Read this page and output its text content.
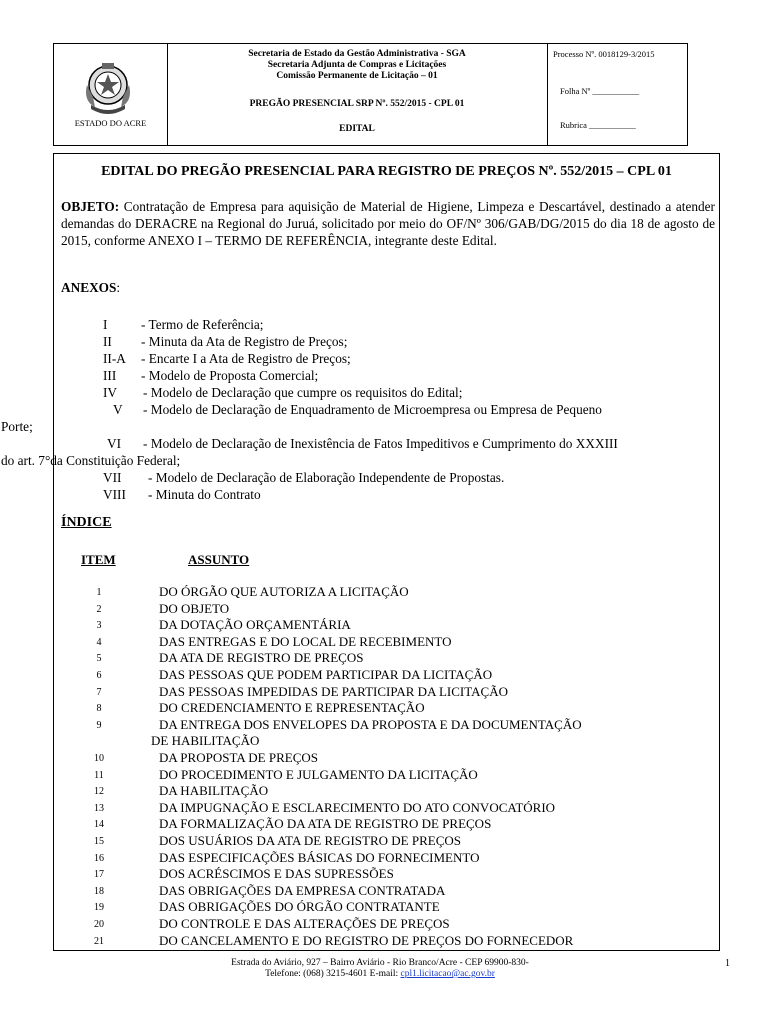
ESTADO DO ACRE
Secretaria de Estado da Gestão Administrativa - SGA
Secretaria Adjunta de Compras e Licitações
Comissão Permanente de Licitação – 01
PREGÃO PRESENCIAL SRP Nº. 552/2015 - CPL 01
EDITAL
Processo Nº. 0018129-3/2015
Folha Nº ___________
Rubrica ___________
EDITAL DO PREGÃO PRESENCIAL PARA REGISTRO DE PREÇOS Nº. 552/2015 – CPL 01
OBJETO: Contratação de Empresa para aquisição de Material de Higiene, Limpeza e Descartável, destinado a atender demandas do DERACRE na Regional do Juruá, solicitado por meio do OF/Nº 306/GAB/DG/2015 do dia 18 de agosto de 2015, conforme ANEXO I – TERMO DE REFERÊNCIA, integrante deste Edital.
ANEXOS:
I	- Termo de Referência;
II - Minuta da Ata de Registro de Preços;
II-A - Encarte I a Ata de Registro de Preços;
III - Modelo de Proposta Comercial;
IV - Modelo de Declaração que cumpre os requisitos do Edital;
V - Modelo de Declaração de Enquadramento de Microempresa ou Empresa de Pequeno
Porte;
VI - Modelo de Declaração de Inexistência de Fatos Impeditivos e Cumprimento do XXXIII
do art. 7°da Constituição Federal;
VII - Modelo de Declaração de Elaboração Independente de Propostas.
VIII - Minuta do Contrato
ÍNDICE
ITEM	ASSUNTO
1	DO ÓRGÃO QUE AUTORIZA A LICITAÇÃO
2	DO OBJETO
3	DA DOTAÇÃO ORÇAMENTÁRIA
4	DAS ENTREGAS E DO LOCAL DE RECEBIMENTO
5	DA ATA DE REGISTRO DE PREÇOS
6	DAS PESSOAS QUE PODEM PARTICIPAR DA LICITAÇÃO
7	DAS PESSOAS IMPEDIDAS DE PARTICIPAR DA LICITAÇÃO
8	DO CREDENCIAMENTO E REPRESENTAÇÃO
9	DA ENTREGA DOS ENVELOPES DA PROPOSTA E DA DOCUMENTAÇÃO
DE HABILITAÇÃO
10	DA PROPOSTA DE PREÇOS
11	DO PROCEDIMENTO E JULGAMENTO DA LICITAÇÃO
12	DA HABILITAÇÃO
13	DA IMPUGNAÇÃO E ESCLARECIMENTO DO ATO CONVOCATÓRIO
14	DA FORMALIZAÇÃO DA ATA DE REGISTRO DE PREÇOS
15	DOS USUÁRIOS DA ATA DE REGISTRO DE PREÇOS
16	DAS ESPECIFICAÇÕES BÁSICAS DO FORNECIMENTO
17	DOS ACRÉSCIMOS E DAS SUPRESSÕES
18	DAS OBRIGAÇÕES DA EMPRESA CONTRATADA
19	DAS OBRIGAÇÕES DO ÓRGÃO CONTRATANTE
20	DO CONTROLE E DAS ALTERAÇÕES DE PREÇOS
21	DO CANCELAMENTO E DO REGISTRO DE PREÇOS DO FORNECEDOR
Estrada do Aviário, 927 – Bairro Aviário - Rio Branco/Acre - CEP 69900-830-
Telefone: (068) 3215-4601 E-mail: cpl1.licitacao@ac.gov.br
1
